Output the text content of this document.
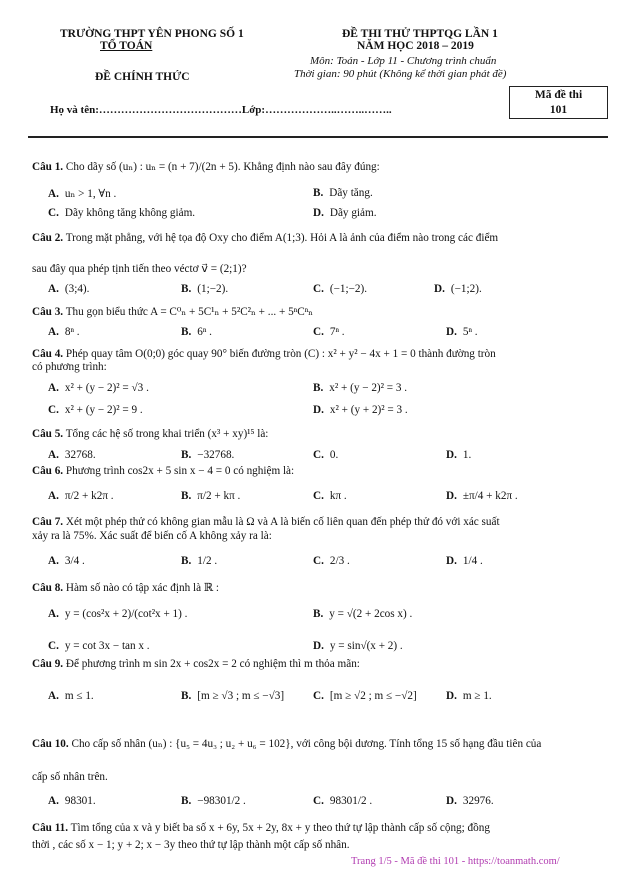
TRƯỜNG THPT YÊN PHONG SỐ 1
TỔ TOÁN
ĐỀ CHÍNH THỨC
ĐỀ THI THỬ THPTQG LẦN 1
NĂM HỌC 2018 – 2019
Môn: Toán - Lớp 11 - Chương trình chuẩn
Thời gian: 90 phút (Không kể thời gian phát đề)
Mã đề thi
101
Họ và tên:…………………………………Lớp:………………..……..……..
Câu 1. Cho dãy số (uₙ) : uₙ = (n + 7)/(2n + 5). Khẳng định nào sau đây đúng:
A. uₙ > 1, ∀n .	B. Dãy tăng.
C. Dãy không tăng không giảm.	D. Dãy giảm.
Câu 2. Trong mặt phẳng, với hệ tọa độ Oxy cho điểm A(1;3). Hỏi A là ảnh của điểm nào trong các điểm
sau đây qua phép tịnh tiến theo véctơ v⃗ = (2;1)?
A. (3;4).	B. (1;−2).	C. (−1;−2).	D. (−1;2).
Câu 3. Thu gọn biểu thức A = C⁰ₙ + 5C¹ₙ + 5²C²ₙ + ... + 5ⁿCⁿₙ
A. 8ⁿ .	B. 6ⁿ .	C. 7ⁿ .	D. 5ⁿ .
Câu 4. Phép quay tâm O(0;0) góc quay 90° biến đường tròn (C) : x² + y² − 4x + 1 = 0 thành đường tròn
có phương trình:
A. x² + (y − 2)² = √3 .	B. x² + (y − 2)² = 3 .
C. x² + (y − 2)² = 9 .	D. x² + (y + 2)² = 3 .
Câu 5. Tổng các hệ số trong khai triển (x³ + xy)¹⁵ là:
A. 32768.	B. −32768.	C. 0.	D. 1.
Câu 6. Phương trình cos2x + 5 sin x − 4 = 0 có nghiệm là:
A. π/2 + k2π .	B. π/2 + kπ .	C. kπ .	D. ±π/4 + k2π .
Câu 7. Xét một phép thử có không gian mẫu là Ω và A là biến cố liên quan đến phép thử đó với xác suất
xảy ra là 75%. Xác suất để biến cố A không xảy ra là:
A. 3/4 .	B. 1/2 .	C. 2/3 .	D. 1/4 .
Câu 8. Hàm số nào có tập xác định là ℝ :
A. y = (cos²x + 2)/(cot²x + 1) .	B. y = √(2 + 2cos x) .
C. y = cot 3x − tan x .	D. y = sin√(x + 2) .
Câu 9. Để phương trình m sin 2x + cos2x = 2 có nghiệm thì m thỏa mãn:
A. m ≤ 1.	B. [m ≥ √3 ; m ≤ −√3]	C. [m ≥ √2 ; m ≤ −√2]	D. m ≥ 1.
Câu 10. Cho cấp số nhân (uₙ) : {u₅ = 4u₃ ; u₂ + u₆ = 102}, với công bội dương. Tính tổng 15 số hạng đầu tiên của
cấp số nhân trên.
A. 98301.	B. −98301/2 .	C. 98301/2 .	D. 32976.
Câu 11. Tìm tổng của x và y biết ba số x + 6y, 5x + 2y, 8x + y theo thứ tự lập thành cấp số cộng; đồng
thời , các số x − 1; y + 2; x − 3y theo thứ tự lập thành một cấp số nhân.
Trang 1/5 - Mã đề thi 101 - https://toanmath.com/
